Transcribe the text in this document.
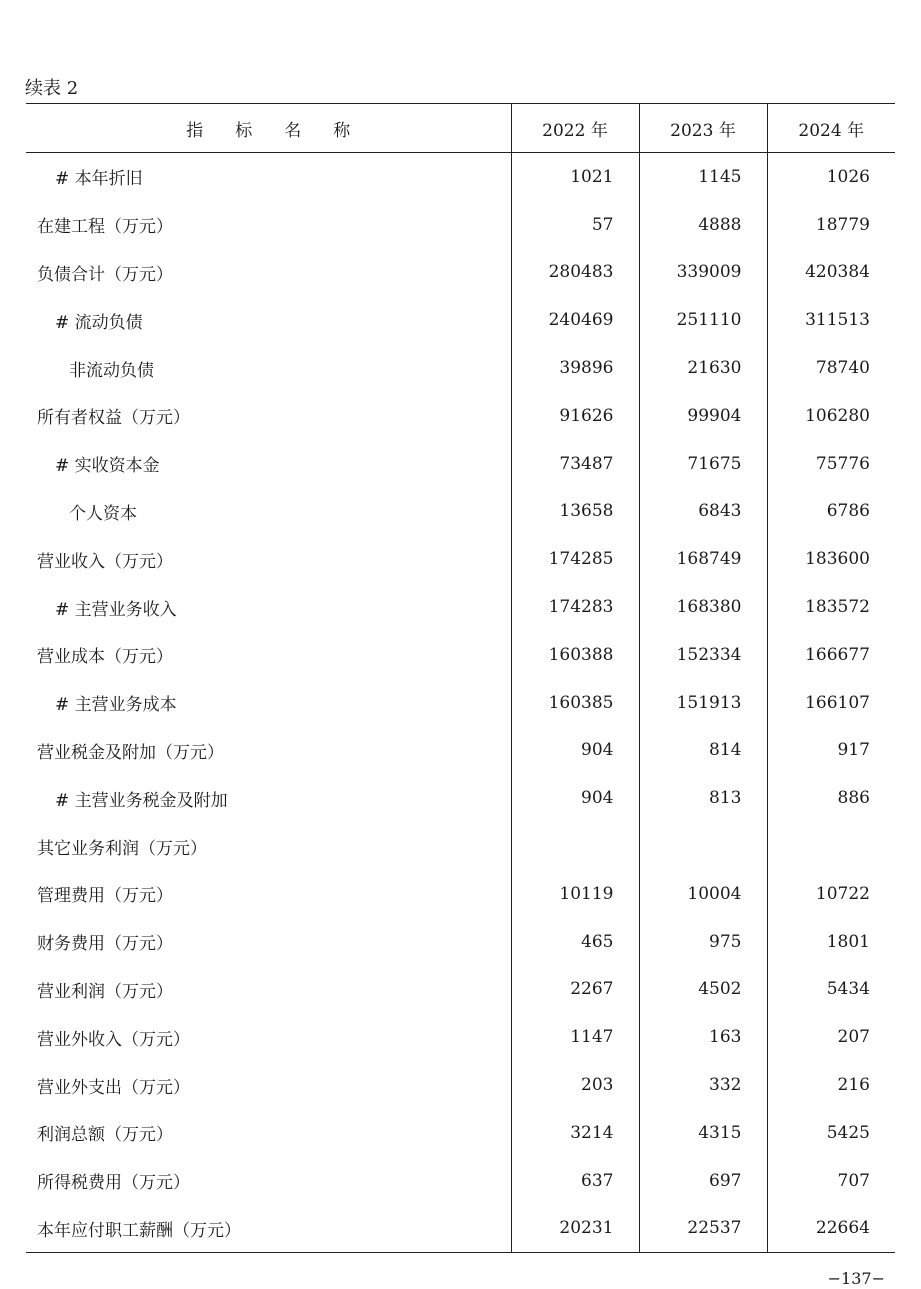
续表 2
指标名称	2022 年	2023 年	2024 年
# 本年折旧	1021	1145	1026
在建工程（万元）	57	4888	18779
负债合计（万元）	280483	339009	420384
# 流动负债	240469	251110	311513
非流动负债	39896	21630	78740
所有者权益（万元）	91626	99904	106280
# 实收资本金	73487	71675	75776
个人资本	13658	6843	6786
营业收入（万元）	174285	168749	183600
# 主营业务收入	174283	168380	183572
营业成本（万元）	160388	152334	166677
# 主营业务成本	160385	151913	166107
营业税金及附加（万元）	904	814	917
# 主营业务税金及附加	904	813	886
其它业务利润（万元）			
管理费用（万元）	10119	10004	10722
财务费用（万元）	465	975	1801
营业利润（万元）	2267	4502	5434
营业外收入（万元）	1147	163	207
营业外支出（万元）	203	332	216
利润总额（万元）	3214	4315	5425
所得税费用（万元）	637	697	707
本年应付职工薪酬（万元）	20231	22537	22664
−137−
